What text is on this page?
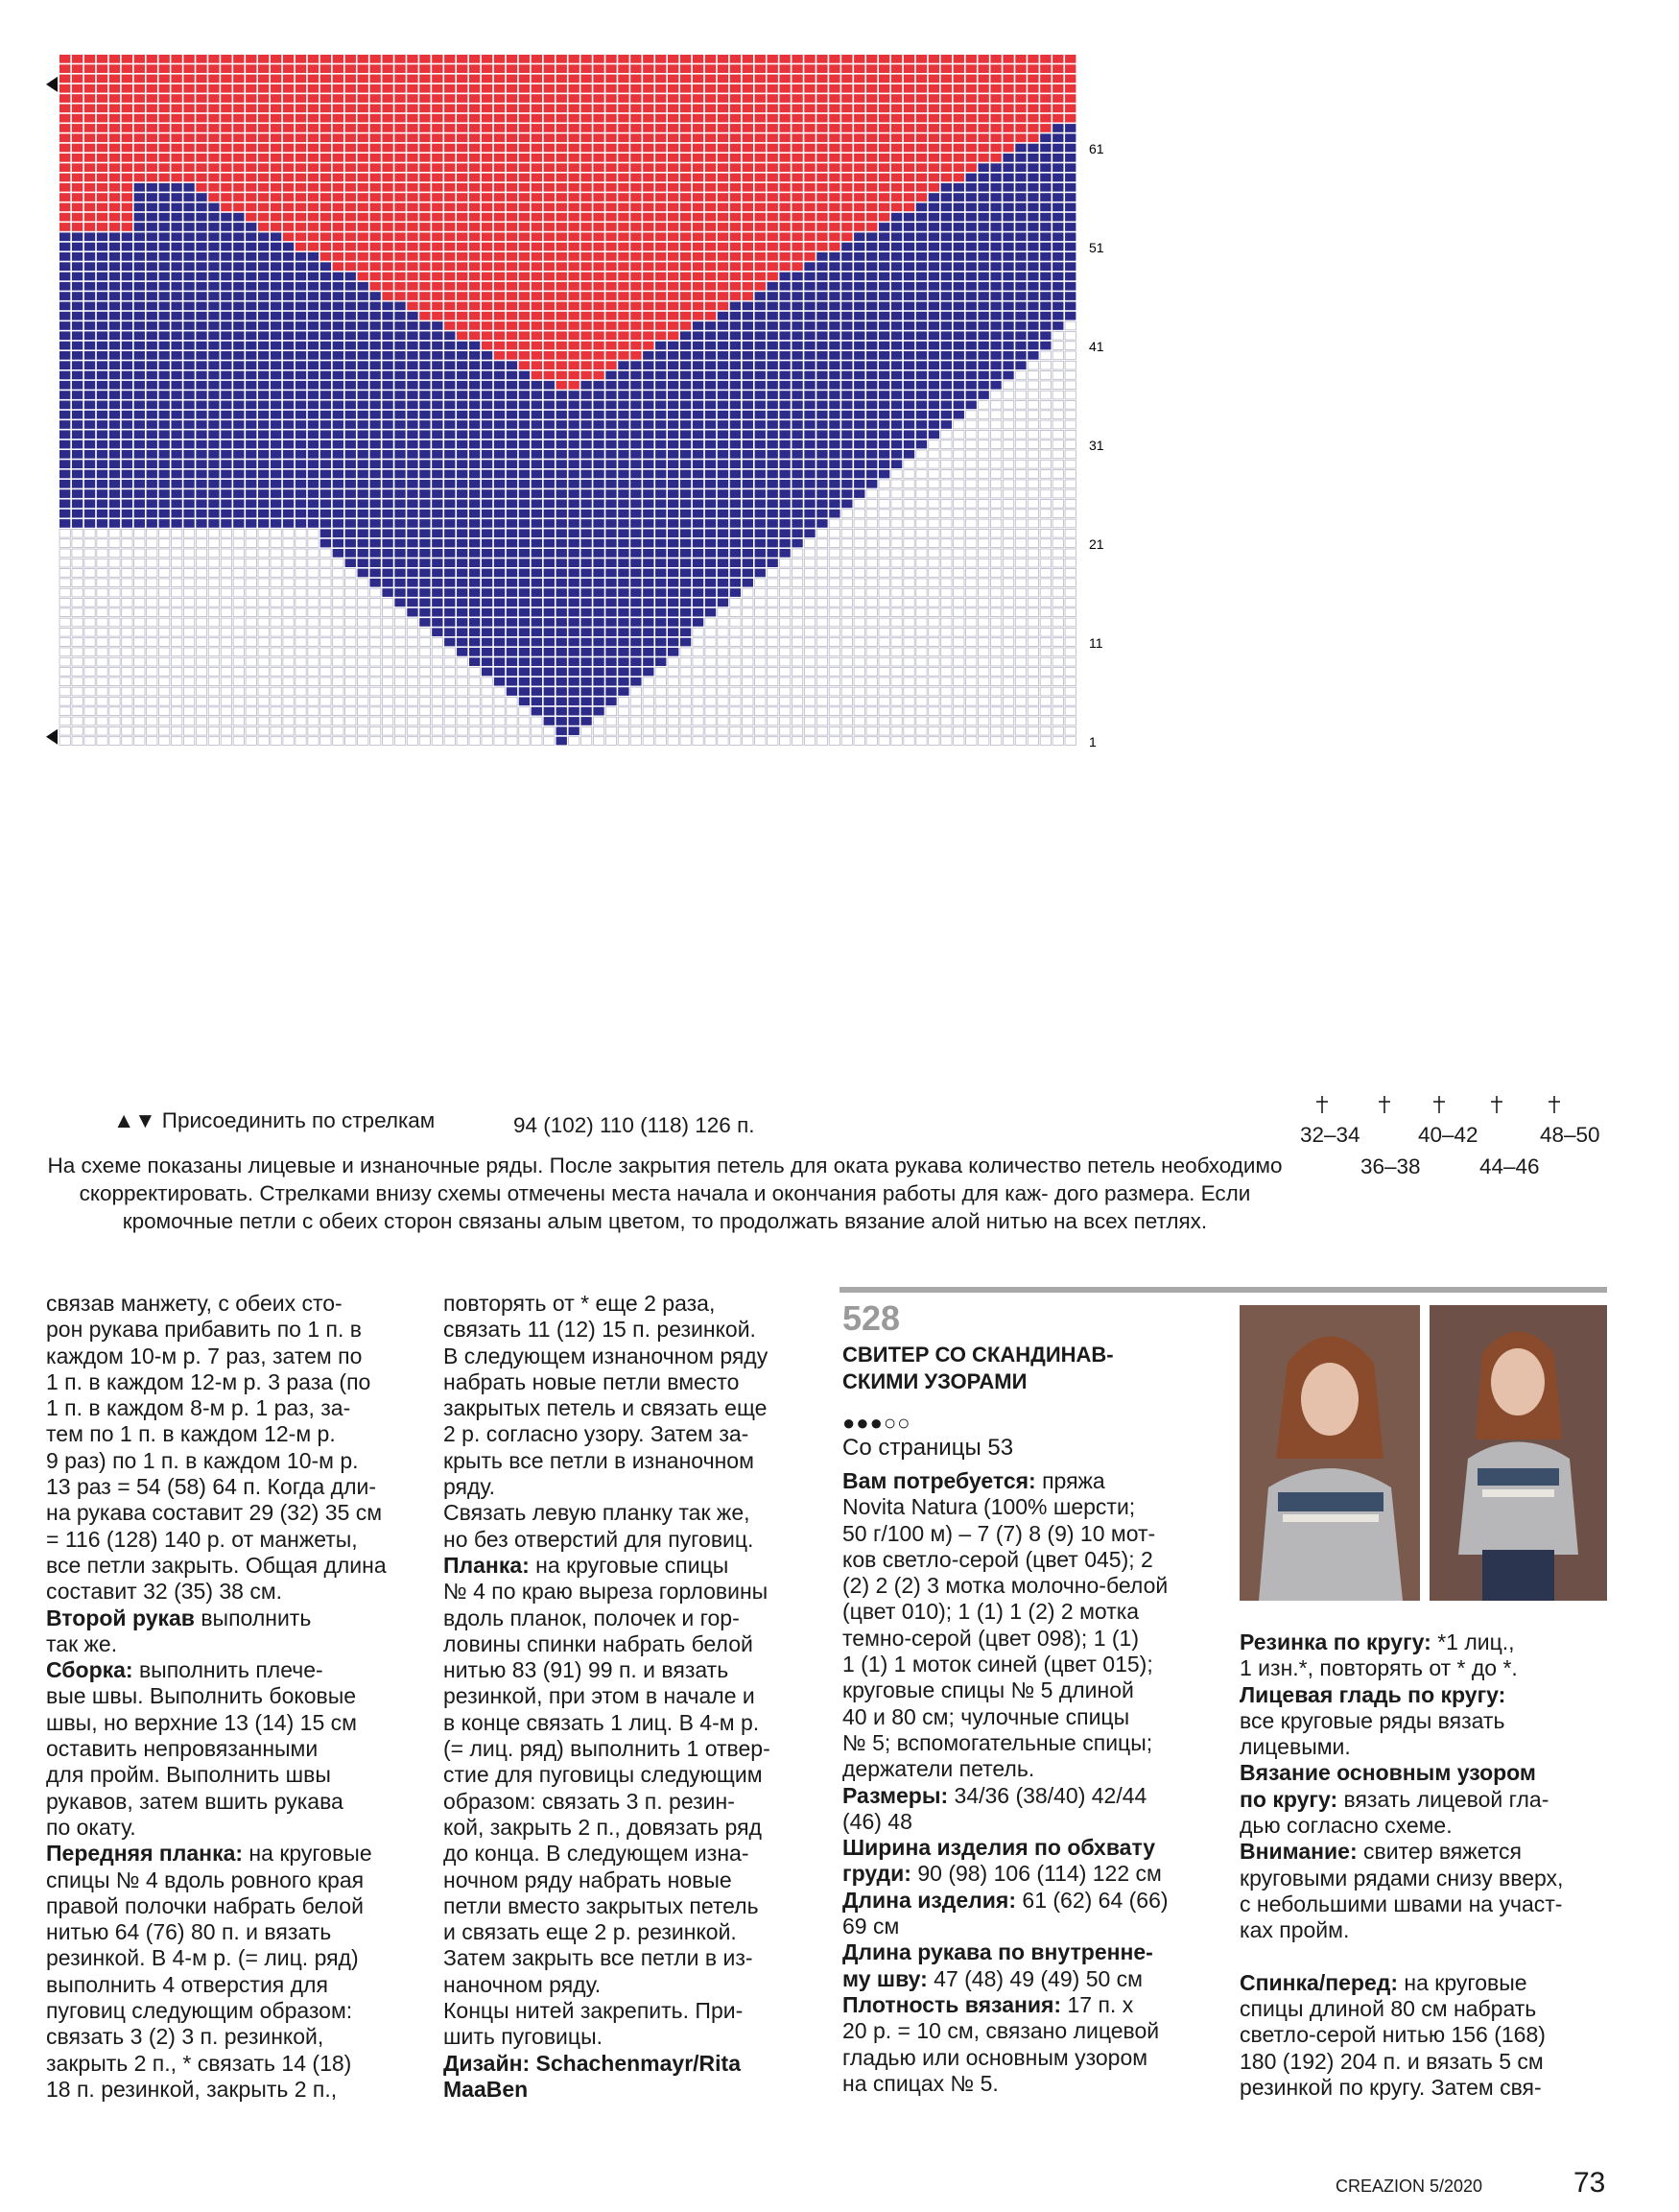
1
11
21
31
41
51
61
▲▼ Присоединить по стрелкам	94 (102) 110 (118) 126 п.	32–34	40–42	48–50
36–38	44–46
На схеме показаны лицевые и изнаночные ряды. После закрытия петель для оката рукава количество петель необходимо скорректировать. Стрелками внизу схемы отмечены места начала и окончания работы для каж- дого размера. Если кромочные петли с обеих сторон связаны алым цветом, то продолжать вязание алой нитью на всех петлях.
связав манжету, с обеих сто-
рон рукава прибавить по 1 п. в
каждом 10-м р. 7 раз, затем по
1 п. в каждом 12-м р. 3 раза (по
1 п. в каждом 8-м р. 1 раз, за-
тем по 1 п. в каждом 12-м р.
9 раз) по 1 п. в каждом 10-м р.
13 раз = 54 (58) 64 п. Когда дли-
на рукава составит 29 (32) 35 см
= 116 (128) 140 р. от манжеты,
все петли закрыть. Общая длина
составит 32 (35) 38 см.
Второй рукав выполнить
так же.
Сборка: выполнить плече-
вые швы. Выполнить боковые
швы, но верхние 13 (14) 15 см
оставить непровязанными
для пройм. Выполнить швы
рукавов, затем вшить рукава
по окату.
Передняя планка: на круговые
спицы № 4 вдоль ровного края
правой полочки набрать белой
нитью 64 (76) 80 п. и вязать
резинкой. В 4-м р. (= лиц. ряд)
выполнить 4 отверстия для
пуговиц следующим образом:
связать 3 (2) 3 п. резинкой,
закрыть 2 п., * связать 14 (18)
18 п. резинкой, закрыть 2 п.,
повторять от * еще 2 раза,
связать 11 (12) 15 п. резинкой.
В следующем изнаночном ряду
набрать новые петли вместо
закрытых петель и связать еще
2 р. согласно узору. Затем за-
крыть все петли в изнаночном
ряду.
Связать левую планку так же,
но без отверстий для пуговиц.
Планка: на круговые спицы
№ 4 по краю выреза горловины
вдоль планок, полочек и гор-
ловины спинки набрать белой
нитью 83 (91) 99 п. и вязать
резинкой, при этом в начале и
в конце связать 1 лиц. В 4-м р.
(= лиц. ряд) выполнить 1 отвер-
стие для пуговицы следующим
образом: связать 3 п. резин-
кой, закрыть 2 п., довязать ряд
до конца. В следующем изна-
ночном ряду набрать новые
петли вместо закрытых петель
и связать еще 2 р. резинкой.
Затем закрыть все петли в из-
наночном ряду.
Концы нитей закрепить. При-
шить пуговицы.
Дизайн: Schachenmayr/Rita
MaaBen
528
СВИТЕР СО СКАНДИНАВ-
СКИМИ УЗОРАМИ
●●●○○
Со страницы 53
Вам потребуется: пряжа
Novita Natura (100% шерсти;
50 г/100 м) – 7 (7) 8 (9) 10 мот-
ков светло-серой (цвет 045); 2
(2) 2 (2) 3 мотка молочно-белой
(цвет 010); 1 (1) 1 (2) 2 мотка
темно-серой (цвет 098); 1 (1)
1 (1) 1 моток синей (цвет 015);
круговые спицы № 5 длиной
40 и 80 см; чулочные спицы
№ 5; вспомогательные спицы;
держатели петель.
Размеры: 34/36 (38/40) 42/44
(46) 48
Ширина изделия по обхвату
груди: 90 (98) 106 (114) 122 см
Длина изделия: 61 (62) 64 (66)
69 см
Длина рукава по внутренне-
му шву: 47 (48) 49 (49) 50 см
Плотность вязания: 17 п. х
20 р. = 10 см, связано лицевой
гладью или основным узором
на спицах № 5.
Резинка по кругу: *1 лиц.,
1 изн.*, повторять от * до *.
Лицевая гладь по кругу:
все круговые ряды вязать
лицевыми.
Вязание основным узором
по кругу: вязать лицевой гла-
дью согласно схеме.
Внимание: свитер вяжется
круговыми рядами снизу вверх,
с небольшими швами на участ-
ках пройм.

Спинка/перед: на круговые
спицы длиной 80 см набрать
светло-серой нитью 156 (168)
180 (192) 204 п. и вязать 5 см
резинкой по кругу. Затем свя-
CREAZION 5/2020	73
